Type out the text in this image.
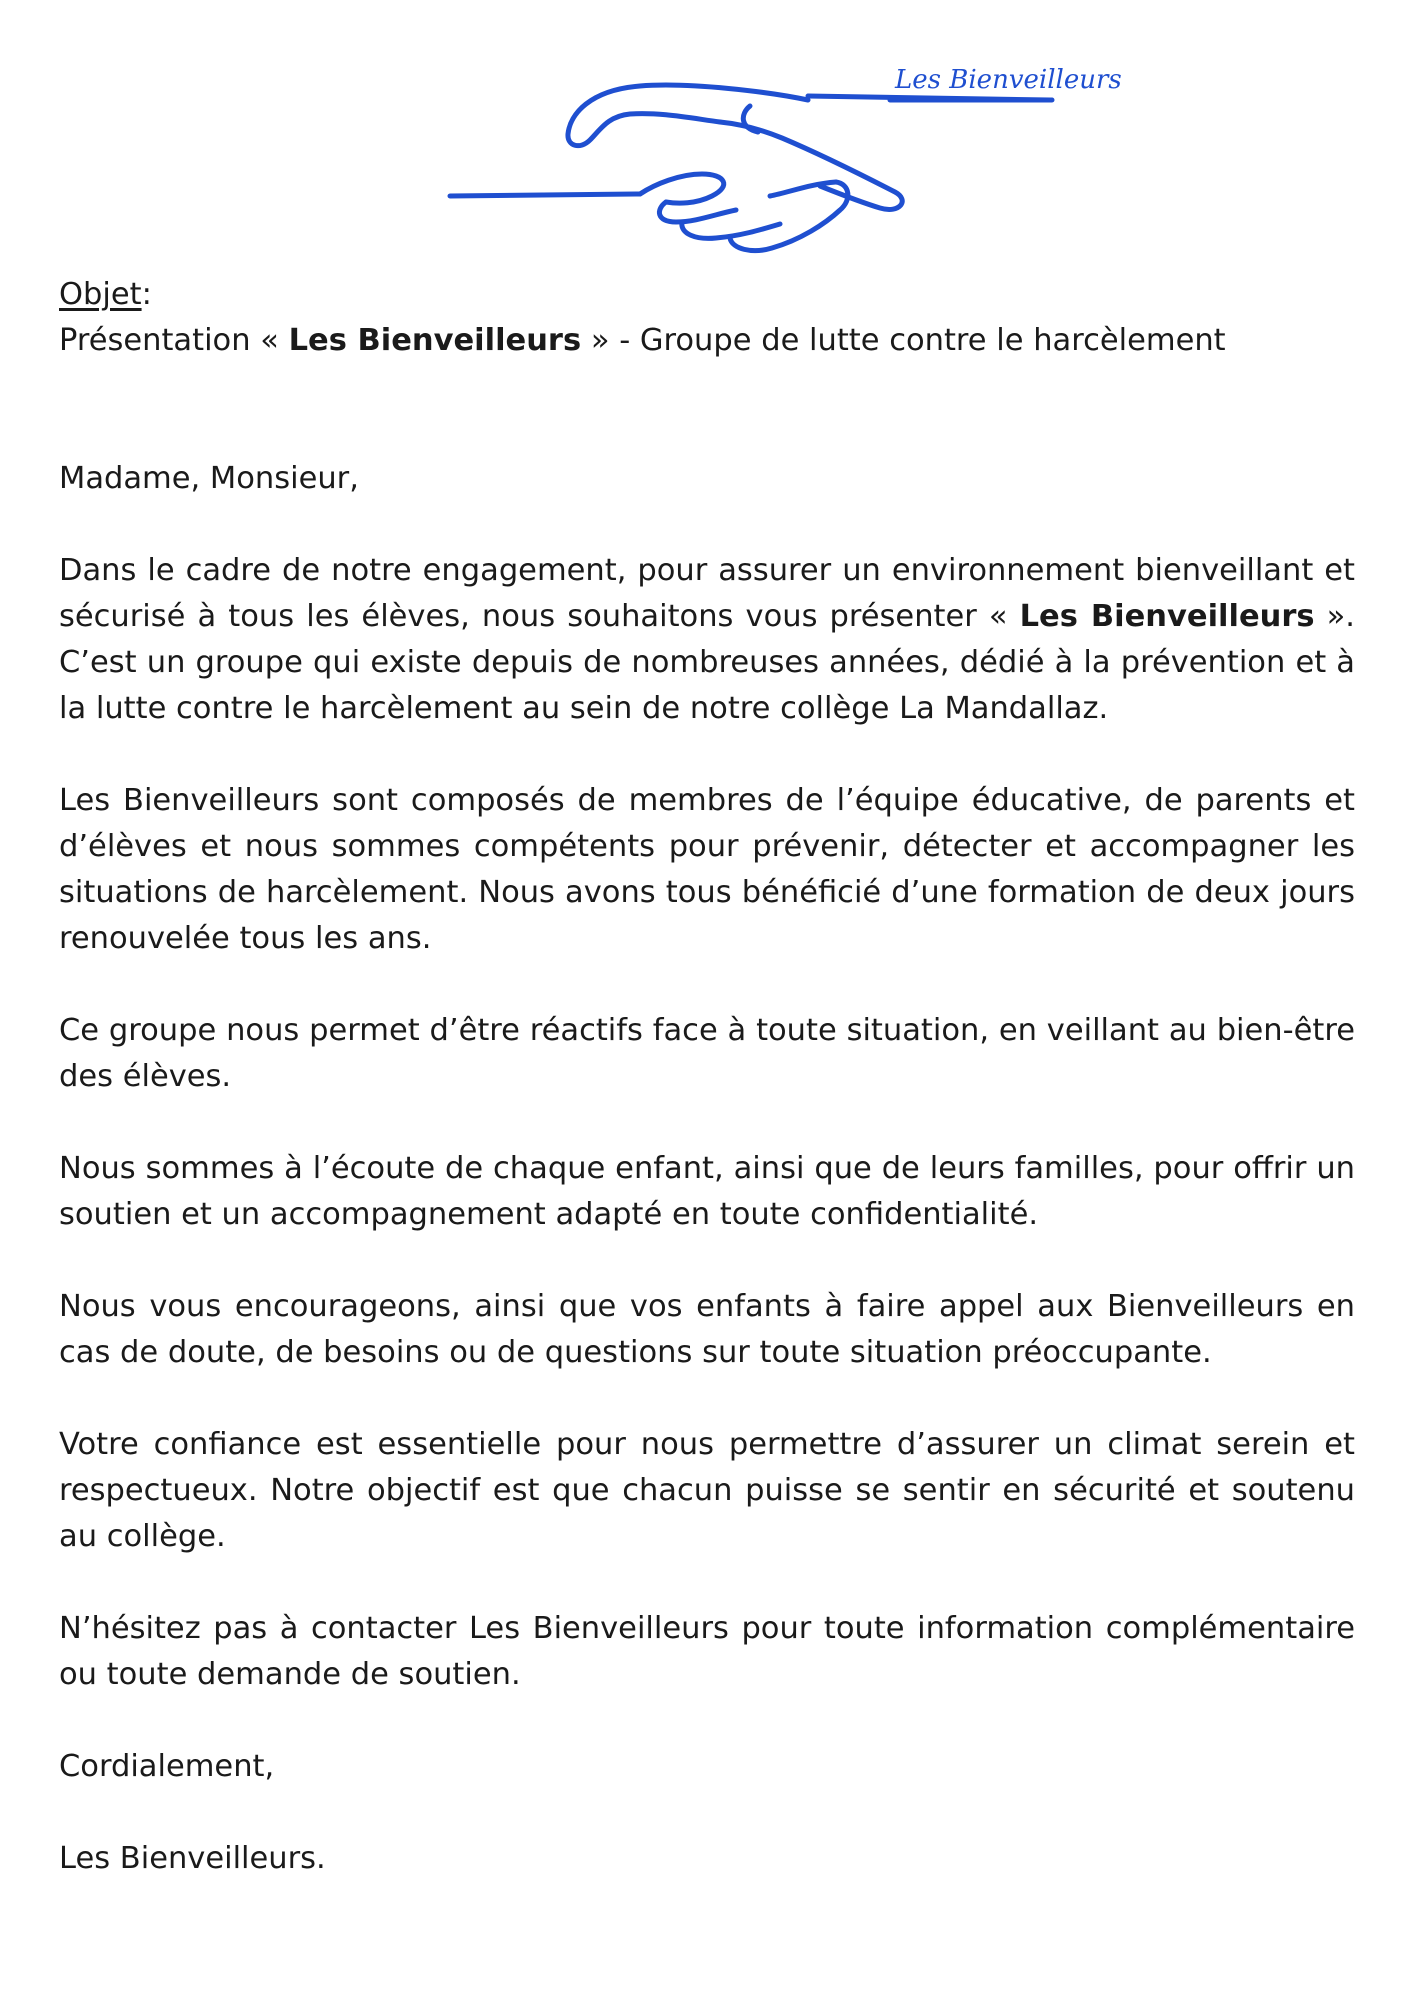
Les Bienveilleurs

Objet:

Présentation « Les Bienveilleurs » - Groupe de lutte contre le harcèlement

Madame, Monsieur,

Dans le cadre de notre engagement, pour assurer un environnement bienveillant et sécurisé à tous les élèves, nous souhaitons vous présenter « Les Bienveilleurs ». C’est un groupe qui existe depuis de nombreuses années, dédié à la prévention et à la lutte contre le harcèlement au sein de notre collège La Mandallaz.

Les Bienveilleurs sont composés de membres de l’équipe éducative, de parents et d’élèves et nous sommes compétents pour prévenir, détecter et accompagner les situations de harcèlement. Nous avons tous bénéficié d’une formation de deux jours renouvelée tous les ans.

Ce groupe nous permet d’être réactifs face à toute situation, en veillant au bien-être des élèves.

Nous sommes à l’écoute de chaque enfant, ainsi que de leurs familles, pour offrir un soutien et un accompagnement adapté en toute confidentialité.

Nous vous encourageons, ainsi que vos enfants à faire appel aux Bienveilleurs en cas de doute, de besoins ou de questions sur toute situation préoccupante.

Votre confiance est essentielle pour nous permettre d’assurer un climat serein et respectueux. Notre objectif est que chacun puisse se sentir en sécurité et soutenu au collège.

N’hésitez pas à contacter Les Bienveilleurs pour toute information complémentaire ou toute demande de soutien.

Cordialement,

Les Bienveilleurs.
